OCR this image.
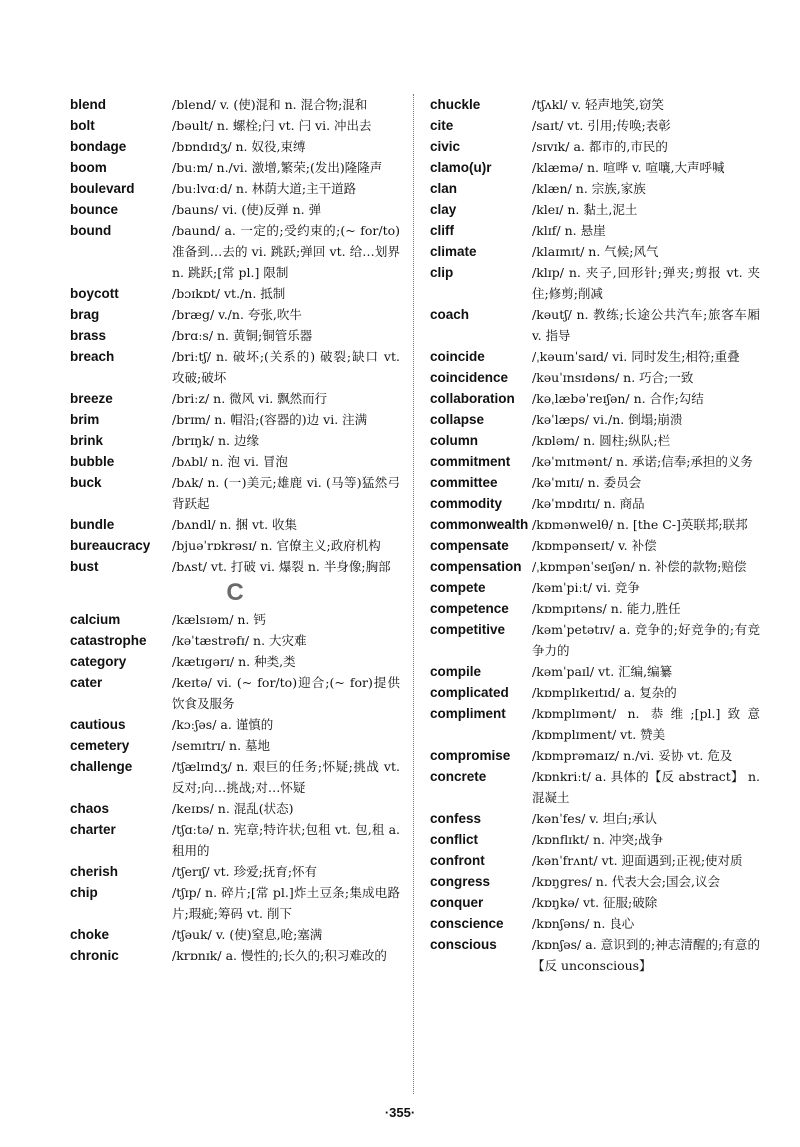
blend	/blend/ v. (使)混和 n. 混合物;混和
bolt	/bəult/ n. 螺栓;闩 vt. 闩 vi. 冲出去
bondage	/bɒndɪdʒ/ n. 奴役,束缚
boom	/buːm/ n./vi. 激增,繁荣;(发出)隆隆声
boulevard	/buːlvɑːd/ n. 林荫大道;主干道路
bounce	/bauns/ vi. (使)反弹 n. 弹
bound	/baund/ a. 一定的;受约束的;(~ for/to) 准备到…去的 vi. 跳跃;弹回 vt. 给…划界 n. 跳跃;[常 pl.] 限制
boycott	/bɔɪkɒt/ vt./n. 抵制
brag	/bræg/ v./n. 夸张,吹牛
brass	/brɑːs/ n. 黄铜;铜管乐器
breach	/briːtʃ/ n. 破坏;(关系的) 破裂;缺口 vt. 攻破;破坏
breeze	/briːz/ n. 微风 vi. 飘然而行
brim	/brɪm/ n. 帽沿;(容器的)边 vi. 注满
brink	/brɪŋk/ n. 边缘
bubble	/bʌbl/ n. 泡 vi. 冒泡
buck	/bʌk/ n. (一)美元;雄鹿 vi. (马等)猛然弓背跃起
bundle	/bʌndl/ n. 捆 vt. 收集
bureaucracy	/bjuəˈrɒkrəsɪ/ n. 官僚主义;政府机构
bust	/bʌst/ vt. 打破 vi. 爆裂 n. 半身像;胸部
C
calcium	/kælsɪəm/ n. 钙
catastrophe	/kəˈtæstrəfɪ/ n. 大灾难
category	/kætɪgərɪ/ n. 种类,类
cater	/keɪtə/ vi. (~ for/to)迎合;(~ for)提供饮食及服务
cautious	/kɔːʃəs/ a. 谨慎的
cemetery	/semɪtrɪ/ n. 墓地
challenge	/tʃælɪndʒ/ n. 艰巨的任务;怀疑;挑战 vt. 反对;向…挑战;对…怀疑
chaos	/keɪɒs/ n. 混乱(状态)
charter	/tʃɑːtə/ n. 宪章;特许状;包租 vt. 包,租 a. 租用的
cherish	/tʃerɪʃ/ vt. 珍爱;抚育;怀有
chip	/tʃɪp/ n. 碎片;[常 pl.]炸土豆条;集成电路片;瑕疵;筹码 vt. 削下
choke	/tʃəuk/ v. (使)窒息,呛;塞满
chronic	/krɒnɪk/ a. 慢性的;长久的;积习难改的
chuckle	/tʃʌkl/ v. 轻声地笑,窃笑
cite	/saɪt/ vt. 引用;传唤;表彰
civic	/sɪvɪk/ a. 都市的,市民的
clamo(u)r	/klæmə/ n. 喧哗 v. 喧嚷,大声呼喊
clan	/klæn/ n. 宗族,家族
clay	/kleɪ/ n. 黏土,泥土
cliff	/klɪf/ n. 悬崖
climate	/klaɪmɪt/ n. 气候;风气
clip	/klɪp/ n. 夹子,回形针;弹夹;剪报 vt. 夹住;修剪;削减
coach	/kəutʃ/ n. 教练;长途公共汽车;旅客车厢 v. 指导
coincide	/ˌkəuɪnˈsaɪd/ vi. 同时发生;相符;重叠
coincidence	/kəuˈɪnsɪdəns/ n. 巧合;一致
collaboration	/kəˌlæbəˈreɪʃən/ n. 合作;勾结
collapse	/kəˈlæps/ vi./n. 倒塌;崩溃
column	/kɒləm/ n. 圆柱;纵队;栏
commitment	/kəˈmɪtmənt/ n. 承诺;信奉;承担的义务
committee	/kəˈmɪtɪ/ n. 委员会
commodity	/kəˈmɒdɪtɪ/ n. 商品
commonwealth /kɒmənwelθ/ n. [the C-]英联邦;联邦
compensate	/kɒmpənseɪt/ v. 补偿
compensation /ˌkɒmpənˈseɪʃən/ n. 补偿的款物;赔偿
compete	/kəmˈpiːt/ vi. 竞争
competence	/kɒmpɪtəns/ n. 能力,胜任
competitive	/kəmˈpetətɪv/ a. 竞争的;好竞争的;有竞争力的
compile	/kəmˈpaɪl/ vt. 汇编,编纂
complicated	/kɒmplɪkeɪtɪd/ a. 复杂的
compliment	/kɒmplɪmənt/ n. 恭维;[pl.]致意 /kɒmplɪment/ vt. 赞美
compromise	/kɒmprəmaɪz/ n./vi. 妥协 vt. 危及
concrete	/kɒnkriːt/ a. 具体的【反 abstract】 n. 混凝土
confess	/kənˈfes/ v. 坦白;承认
conflict	/kɒnflɪkt/ n. 冲突;战争
confront	/kənˈfrʌnt/ vt. 迎面遇到;正视;使对质
congress	/kɒŋgres/ n. 代表大会;国会,议会
conquer	/kɒŋkə/ vt. 征服;破除
conscience	/kɒnʃəns/ n. 良心
conscious	/kɒnʃəs/ a. 意识到的;神志清醒的;有意的【反 unconscious】
·355·
